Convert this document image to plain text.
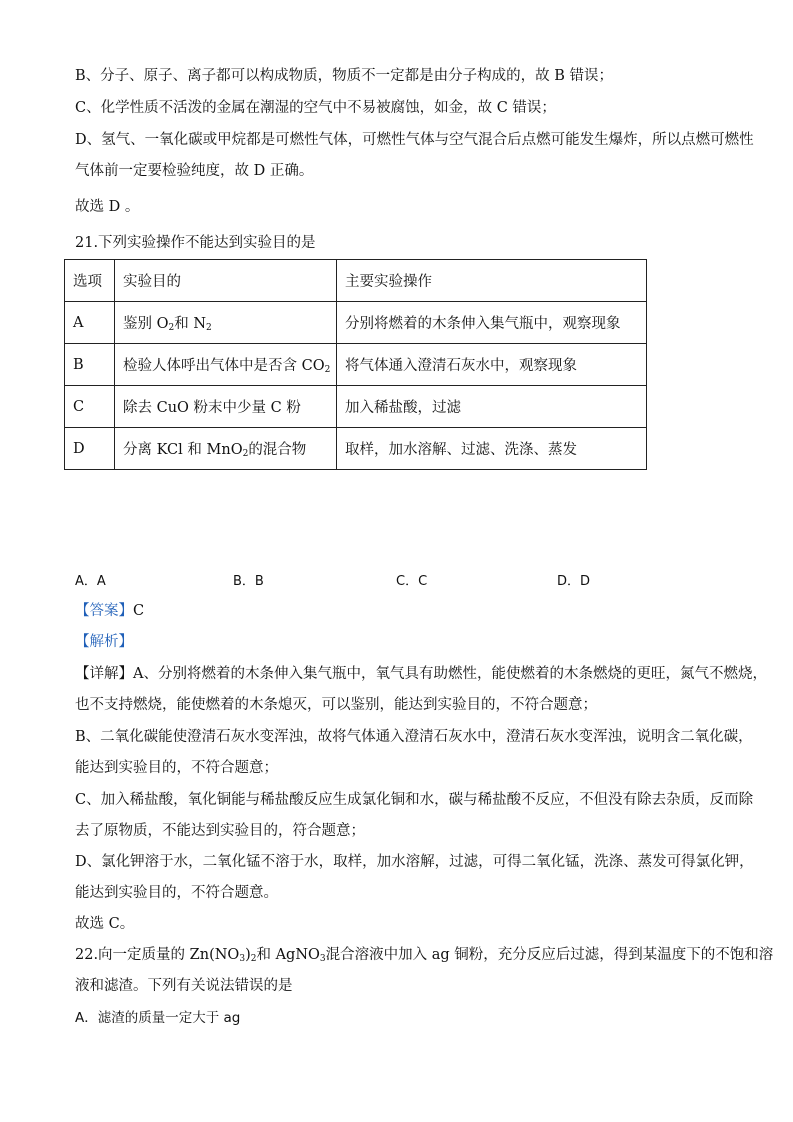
B、分子、原子、离子都可以构成物质，物质不一定都是由分子构成的，故 B 错误；
C、化学性质不活泼的金属在潮湿的空气中不易被腐蚀，如金，故 C 错误；
D、氢气、一氧化碳或甲烷都是可燃性气体，可燃性气体与空气混合后点燃可能发生爆炸，所以点燃可燃性
气体前一定要检验纯度，故 D 正确。
故选 D 。
21.下列实验操作不能达到实验目的是
选项	实验目的	主要实验操作
A	鉴别 $O_2$和 $N_2$	分别将燃着的木条伸入集气瓶中，观察现象
B	检验人体呼出气体中是否含 $CO_2$	将气体通入澄清石灰水中，观察现象
C	除去 CuO 粉末中少量 C 粉	加入稀盐酸，过滤
D	分离 KCl 和 MnO$_2$的混合物	取样，加水溶解、过滤、洗涤、蒸发
A．A	B．B	C．C	D．D
【答案】C
【解析】
【详解】A、分别将燃着的木条伸入集气瓶中，氧气具有助燃性，能使燃着的木条燃烧的更旺，氮气不燃烧，
也不支持燃烧，能使燃着的木条熄灭，可以鉴别，能达到实验目的，不符合题意；
B、二氧化碳能使澄清石灰水变浑浊，故将气体通入澄清石灰水中，澄清石灰水变浑浊，说明含二氧化碳，
能达到实验目的，不符合题意；
C、加入稀盐酸，氧化铜能与稀盐酸反应生成氯化铜和水，碳与稀盐酸不反应，不但没有除去杂质，反而除
去了原物质，不能达到实验目的，符合题意；
D、氯化钾溶于水，二氧化锰不溶于水，取样，加水溶解，过滤，可得二氧化锰，洗涤、蒸发可得氯化钾，
能达到实验目的，不符合题意。
故选 C。
22.向一定质量的 $Zn(NO_3)_2$和 AgNO$_3$混合溶液中加入 ag 铜粉，充分反应后过滤，得到某温度下的不饱和溶
液和滤渣。下列有关说法错误的是
A．滤渣的质量一定大于 ag
